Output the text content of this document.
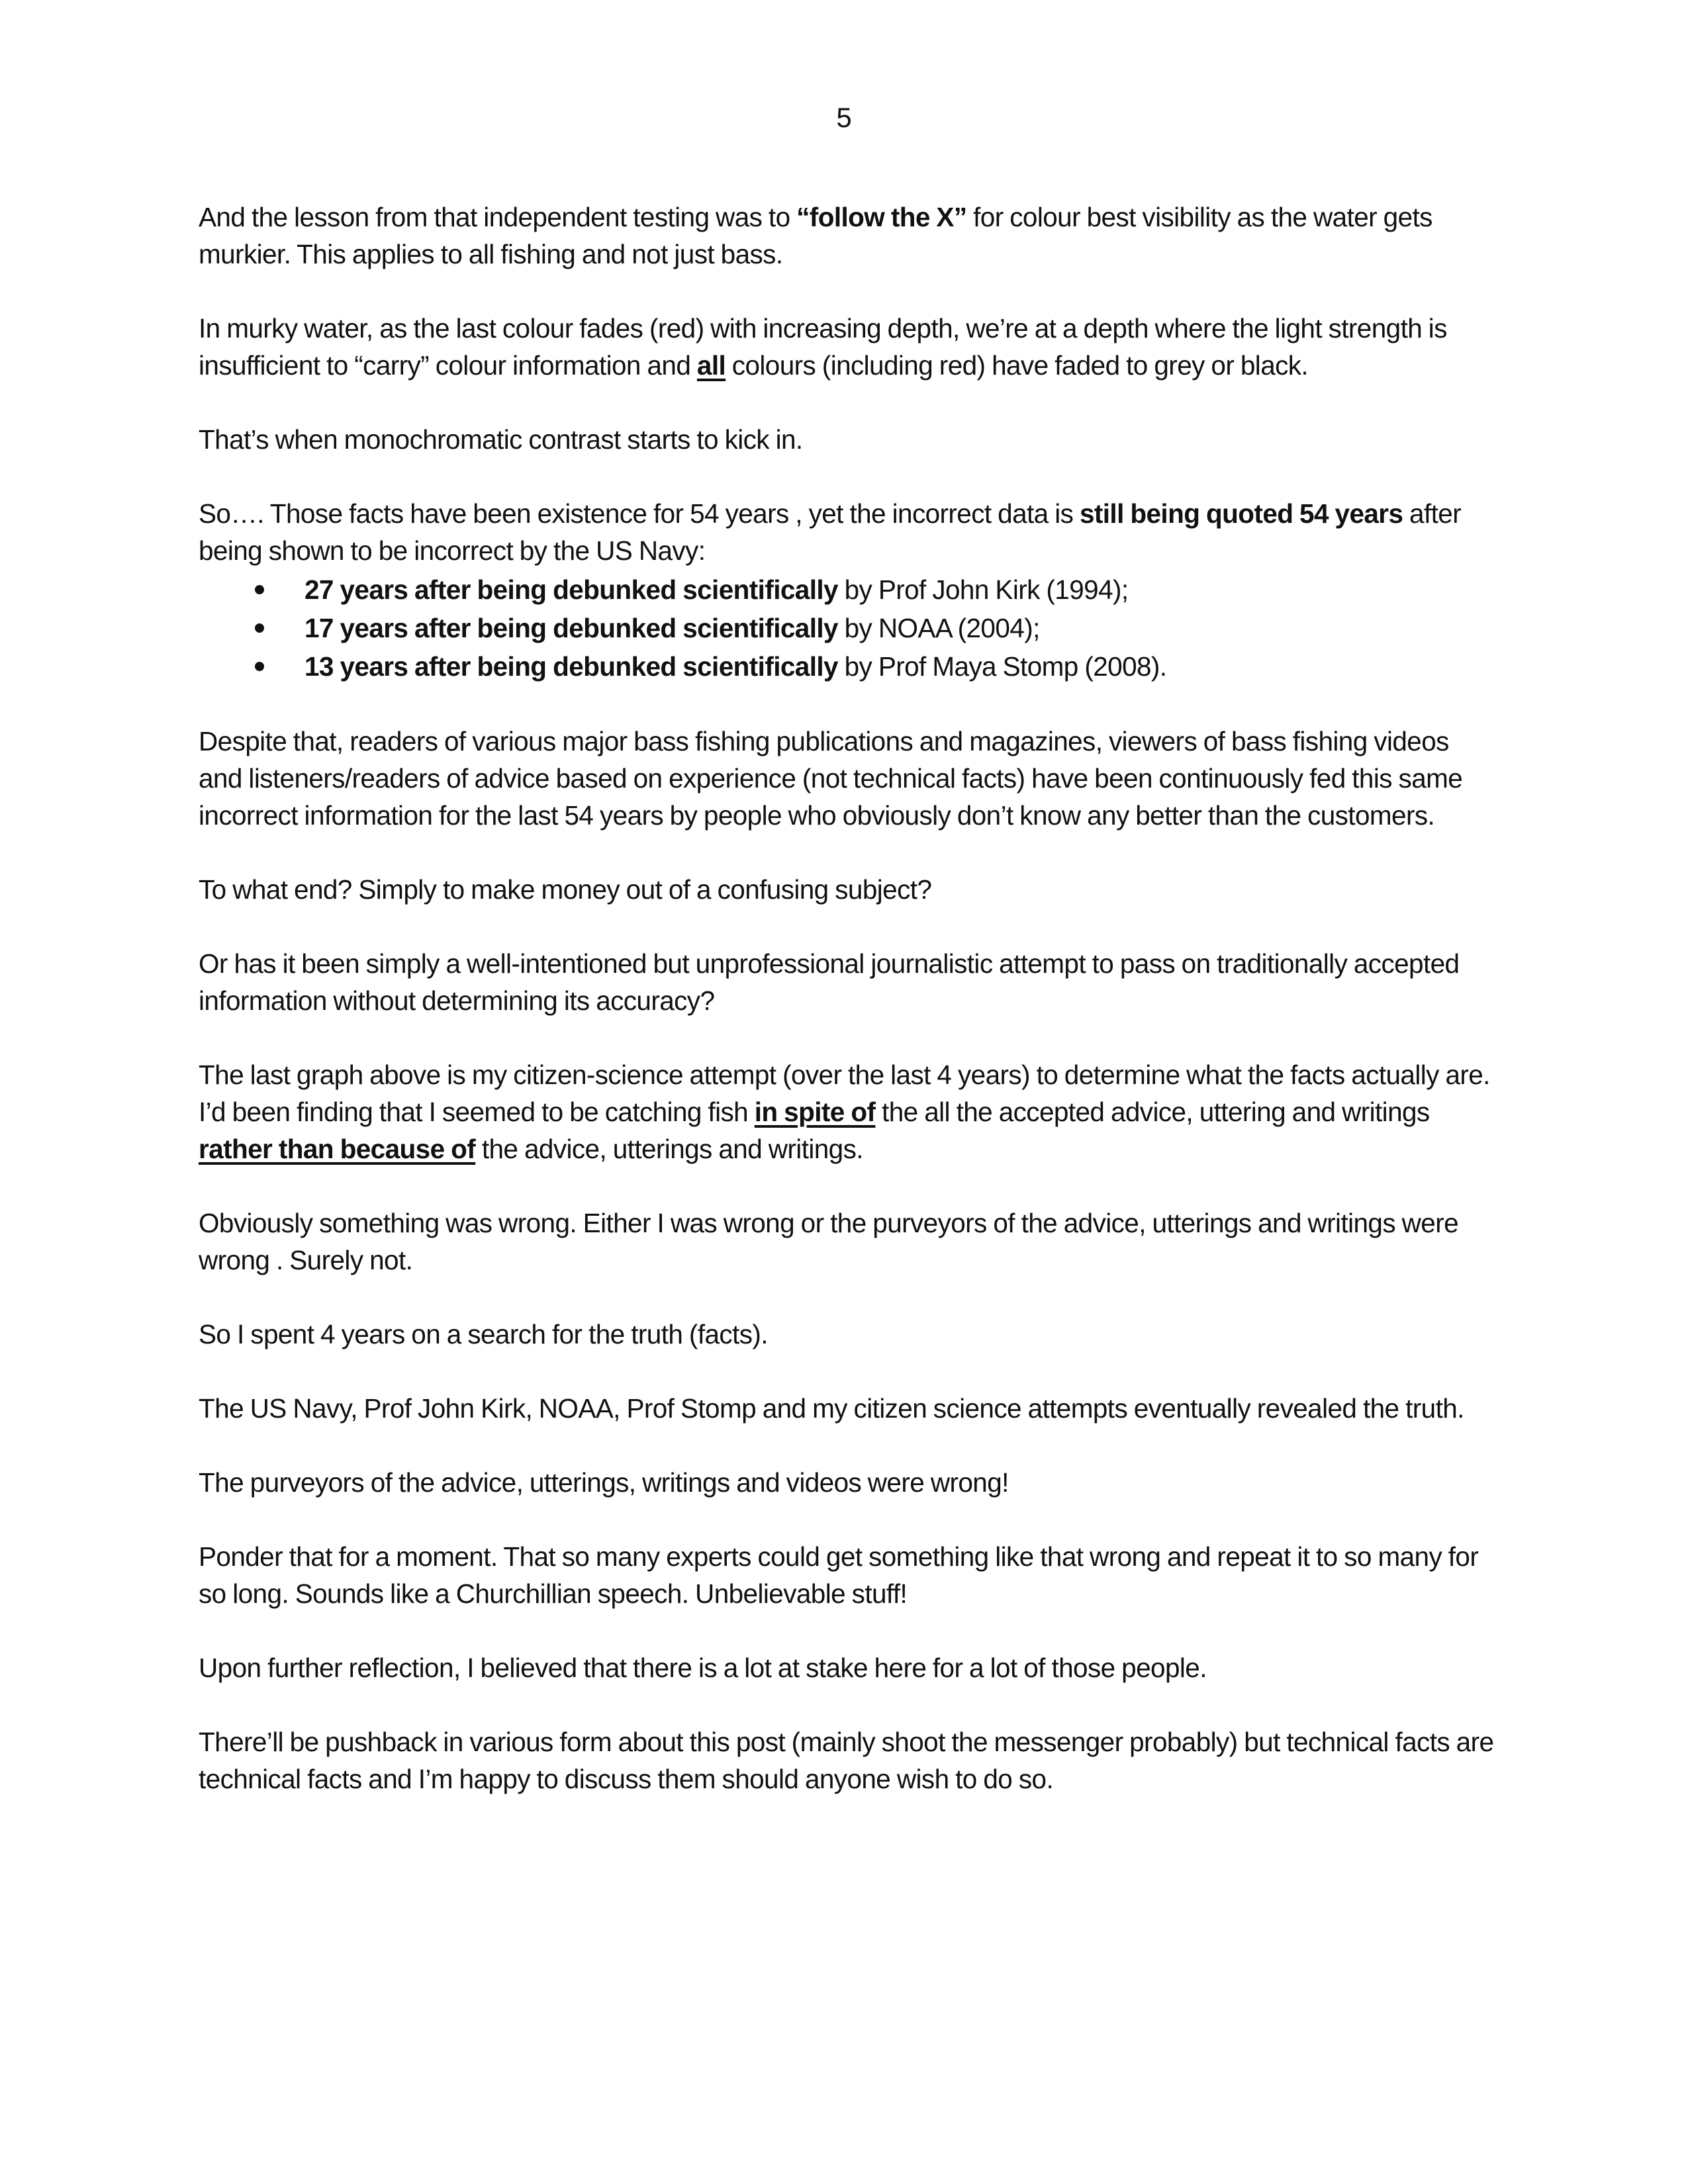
5

And the lesson from that independent testing was to “follow the X” for colour best visibility as the water gets murkier. This applies to all fishing and not just bass.

In murky water, as the last colour fades (red) with increasing depth, we’re at a depth where the light strength is insufficient to “carry” colour information and all colours (including red) have faded to grey or black.

That’s when monochromatic contrast starts to kick in.

So…. Those facts have been existence for 54 years , yet the incorrect data is still being quoted 54 years after being shown to be incorrect by the US Navy:

27 years after being debunked scientifically by Prof John Kirk (1994);
17 years after being debunked scientifically by NOAA (2004);
13 years after being debunked scientifically by Prof Maya Stomp (2008).

Despite that, readers of various major bass fishing publications and magazines, viewers of bass fishing videos and listeners/readers of advice based on experience (not technical facts) have been continuously fed this same incorrect information for the last 54 years by people who obviously don’t know any better than the customers.

To what end? Simply to make money out of a confusing subject?

Or has it been simply a well-intentioned but unprofessional journalistic attempt to pass on traditionally accepted information without determining its accuracy?

The last graph above is my citizen-science attempt (over the last 4 years) to determine what the facts actually are. I’d been finding that I seemed to be catching fish in spite of the all the accepted advice, uttering and writings rather than because of the advice, utterings and writings.

Obviously something was wrong. Either I was wrong or the purveyors of the advice, utterings and writings were wrong . Surely not.

So I spent 4 years on a search for the truth (facts).

The US Navy, Prof John Kirk, NOAA, Prof Stomp and my citizen science attempts eventually revealed the truth.

The purveyors of the advice, utterings, writings and videos were wrong!

Ponder that for a moment. That so many experts could get something like that wrong and repeat it to so many for so long. Sounds like a Churchillian speech. Unbelievable stuff!

Upon further reflection, I believed that there is a lot at stake here for a lot of those people.

There’ll be pushback in various form about this post (mainly shoot the messenger probably) but technical facts are technical facts and I’m happy to discuss them should anyone wish to do so.
